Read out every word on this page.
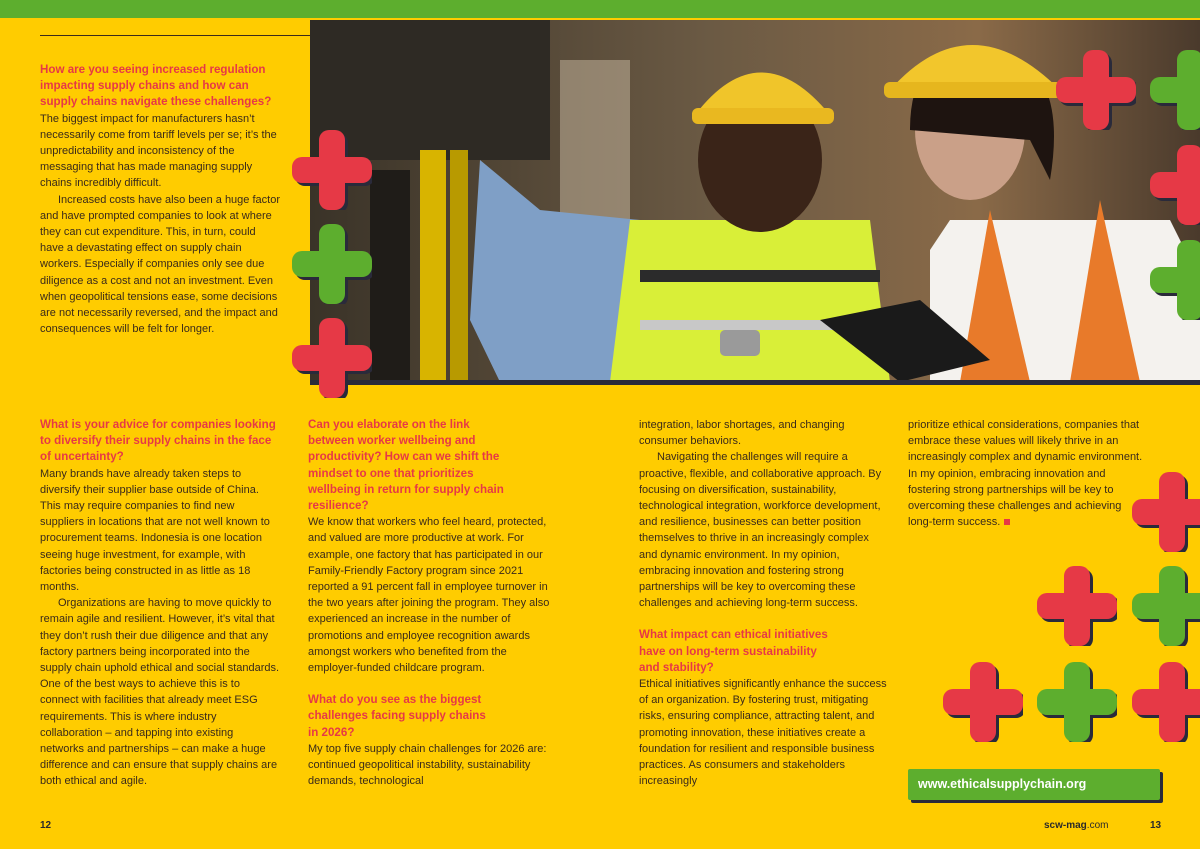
How are you seeing increased regulation impacting supply chains and how can supply chains navigate these challenges?

The biggest impact for manufacturers hasn’t necessarily come from tariff levels per se; it’s the unpredictability and inconsistency of the messaging that has made managing supply chains incredibly difficult.

Increased costs have also been a huge factor and have prompted companies to look at where they can cut expenditure. This, in turn, could have a devastating effect on supply chain workers. Especially if companies only see due diligence as a cost and not an investment. Even when geopolitical tensions ease, some decisions are not necessarily reversed, and the impact and consequences will be felt for longer.

What is your advice for companies looking to diversify their supply chains in the face of uncertainty?

Many brands have already taken steps to diversify their supplier base outside of China. This may require companies to find new suppliers in locations that are not well known to procurement teams. Indonesia is one location seeing huge investment, for example, with factories being constructed in as little as 18 months.

Organizations are having to move quickly to remain agile and resilient. However, it’s vital that they don’t rush their due diligence and that any factory partners being incorporated into the supply chain uphold ethical and social standards.

One of the best ways to achieve this is to connect with facilities that already meet ESG requirements. This is where industry collaboration – and tapping into existing networks and partnerships – can make a huge difference and can ensure that supply chains are both ethical and agile.

Can you elaborate on the link between worker wellbeing and productivity? How can we shift the mindset to one that prioritizes wellbeing in return for supply chain resilience?

We know that workers who feel heard, protected, and valued are more productive at work. For example, one factory that has participated in our Family-Friendly Factory program since 2021 reported a 91 percent fall in employee turnover in the two years after joining the program. They also experienced an increase in the number of promotions and employee recognition awards amongst workers who benefited from the employer-funded childcare program.

What do you see as the biggest challenges facing supply chains in 2026?

My top five supply chain challenges for 2026 are: continued geopolitical instability, sustainability demands, technological

integration, labor shortages, and changing consumer behaviors.

Navigating the challenges will require a proactive, flexible, and collaborative approach. By focusing on diversification, sustainability, technological integration, workforce development, and resilience, businesses can better position themselves to thrive in an increasingly complex and dynamic environment. In my opinion, embracing innovation and fostering strong partnerships will be key to overcoming these challenges and achieving long-term success.

What impact can ethical initiatives have on long-term sustainability and stability?

Ethical initiatives significantly enhance the success of an organization. By fostering trust, mitigating risks, ensuring compliance, attracting talent, and promoting innovation, these initiatives create a foundation for resilient and responsible business practices. As consumers and stakeholders increasingly

prioritize ethical considerations, companies that embrace these values will likely thrive in an increasingly complex and dynamic environment. In my opinion, embracing innovation and fostering strong partnerships will be key to overcoming these challenges and achieving long-term success.

www.ethicalsupplychain.org
12	scw-mag.com	13
